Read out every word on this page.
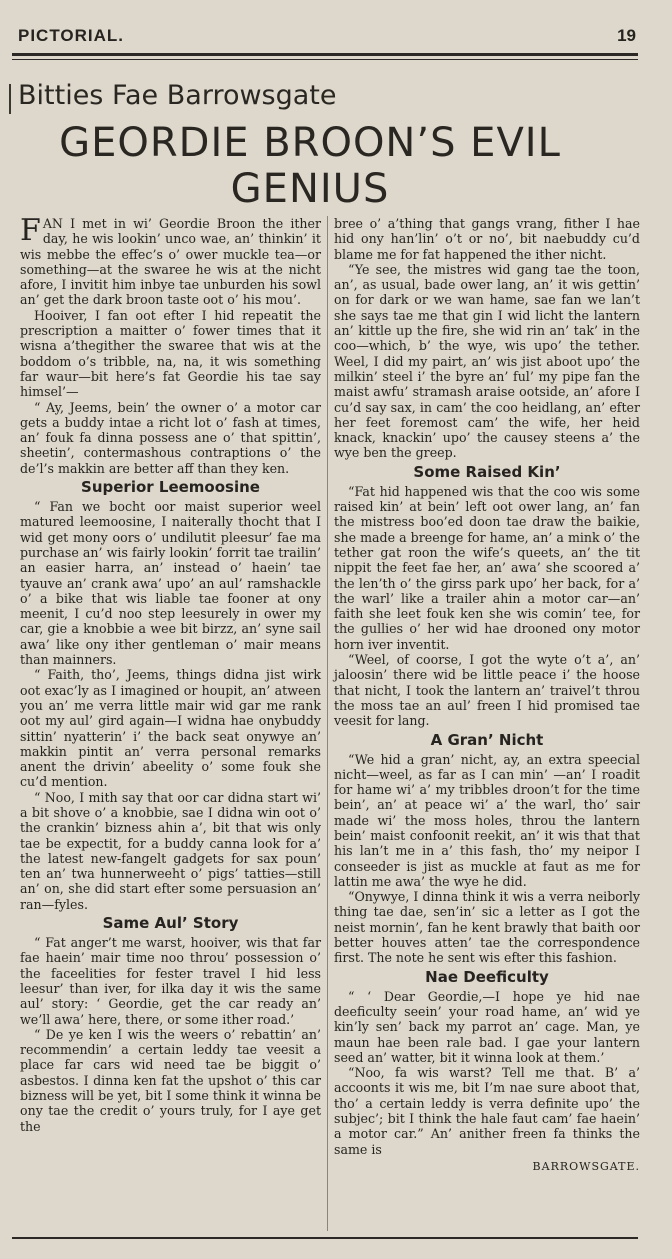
PICTORIAL.	19
Bitties Fae Barrowsgate
GEORDIE BROON’S EVIL
GENIUS

FAN I met in wi’ Geordie Broon the ither day, he wis lookin’ unco wae, an’ thinkin’ it wis mebbe the effec’s o’ ower muckle tea—or something—at the swaree he wis at the nicht afore, I invitit him inbye tae unburden his sowl an’ get the dark broon taste oot o’ his mou’.

Hooiver, I fan oot efter I hid repeatit the prescription a maitter o’ fower times that it wisna a’thegither the swaree that wis at the boddom o’s tribble, na, na, it wis something far waur—bit here’s fat Geordie his tae say himsel’—

“ Ay, Jeems, bein’ the owner o’ a motor car gets a buddy intae a richt lot o’ fash at times, an’ fouk fa dinna possess ane o’ that spittin’, sheetin’, contermashous contraptions o’ the de’l’s makkin are better aff than they ken.

Superior Leemoosine

“ Fan we bocht oor maist superior weel matured leemoosine, I naiterally thocht that I wid get mony oors o’ undilutit pleesur’ fae ma purchase an’ wis fairly lookin’ forrit tae trailin’ an easier harra, an’ instead o’ haein’ tae tyauve an’ crank awa’ upo’ an aul’ ramshackle o’ a bike that wis liable tae fooner at ony meenit, I cu’d noo step leesurely in ower my car, gie a knobbie a wee bit birzz, an’ syne sail awa’ like ony ither gentleman o’ mair means than mainners.

“ Faith, tho’, Jeems, things didna jist wirk oot exac’ly as I imagined or houpit, an’ atween you an’ me verra little mair wid gar me rank oot my aul’ gird again—I widna hae onybuddy sittin’ nyatterin’ i’ the back seat onywye an’ makkin pintit an’ verra personal remarks anent the drivin’ abeelity o’ some fouk she cu’d mention.

“ Noo, I mith say that oor car didna start wi’ a bit shove o’ a knobbie, sae I didna win oot o’ the crankin’ bizness ahin a’, bit that wis only tae be expectit, for a buddy canna look for a’ the latest new-fangelt gadgets for sax poun’ ten an’ twa hunnerweeht o’ pigs’ tatties—still an’ on, she did start efter some persuasion an’ ran—fyles.

Same Aul’ Story

“ Fat anger’t me warst, hooiver, wis that far fae haein’ mair time noo throu’ possession o’ the faceelities for fester travel I hid less leesur’ than iver, for ilka day it wis the same aul’ story: ‘ Geordie, get the car ready an’ we’ll awa’ here, there, or some ither road.’

“ De ye ken I wis the weers o’ rebattin’ an’ recommendin’ a certain leddy tae veesit a place far cars wid need tae be biggit o’ asbestos. I dinna ken fat the upshot o’ this car bizness will be yet, bit I some think it winna be ony tae the credit o’ yours truly, for I aye get the

bree o’ a’thing that gangs vrang, fither I hae hid ony han’lin’ o’t or no’, bit naebuddy cu’d blame me for fat happened the ither nicht.

“Ye see, the mistres wid gang tae the toon, an’, as usual, bade ower lang, an’ it wis gettin’ on for dark or we wan hame, sae fan we lan’t she says tae me that gin I wid licht the lantern an’ kittle up the fire, she wid rin an’ tak’ in the coo—which, b’ the wye, wis upo’ the tether. Weel, I did my pairt, an’ wis jist aboot upo’ the milkin’ steel i’ the byre an’ ful’ my pipe fan the maist awfu’ stramash araise ootside, an’ afore I cu’d say sax, in cam’ the coo heidlang, an’ efter her feet foremost cam’ the wife, her heid knack, knackin’ upo’ the causey steens a’ the wye ben the greep.

Some Raised Kin’

“Fat hid happened wis that the coo wis some raised kin’ at bein’ left oot ower lang, an’ fan the mistress boo’ed doon tae draw the baikie, she made a breenge for hame, an’ a mink o’ the tether gat roon the wife’s queets, an’ the tit nippit the feet fae her, an’ awa’ she scoored a’ the len’th o’ the girss park upo’ her back, for a’ the warl’ like a trailer ahin a motor car—an’ faith she leet fouk ken she wis comin’ tee, for the gullies o’ her wid hae drooned ony motor horn iver inventit.

“Weel, of coorse, I got the wyte o’t a’, an’ jaloosin’ there wid be little peace i’ the hoose that nicht, I took the lantern an’ traivel’t throu the moss tae an aul’ freen I hid promised tae veesit for lang.

A Gran’ Nicht

“We hid a gran’ nicht, ay, an extra speecial nicht—weel, as far as I can min’ —an’ I roadit for hame wi’ a’ my tribbles droon’t for the time bein’, an’ at peace wi’ a’ the warl, tho’ sair made wi’ the moss holes, throu the lantern bein’ maist confoonit reekit, an’ it wis that that his lan’t me in a’ this fash, tho’ my neipor I conseeder is jist as muckle at faut as me for lattin me awa’ the wye he did.

“Onywye, I dinna think it wis a verra neiborly thing tae dae, sen’in’ sic a letter as I got the neist mornin’, fan he kent brawly that baith oor better houves atten’ tae the correspondence first. The note he sent wis efter this fashion.

Nae Deeficulty

“ ‘ Dear Geordie,—I hope ye hid nae deeficulty seein’ your road hame, an’ wid ye kin’ly sen’ back my parrot an’ cage. Man, ye maun hae been rale bad. I gae your lantern seed an’ watter, bit it winna look at them.’

“Noo, fa wis warst? Tell me that. B’ a’ accoonts it wis me, bit I’m nae sure aboot that, tho’ a certain leddy is verra definite upo’ the subjec’; bit I think the hale faut cam’ fae haein’ a motor car.” An’ anither freen fa thinks the same is

BARROWSGATE.
